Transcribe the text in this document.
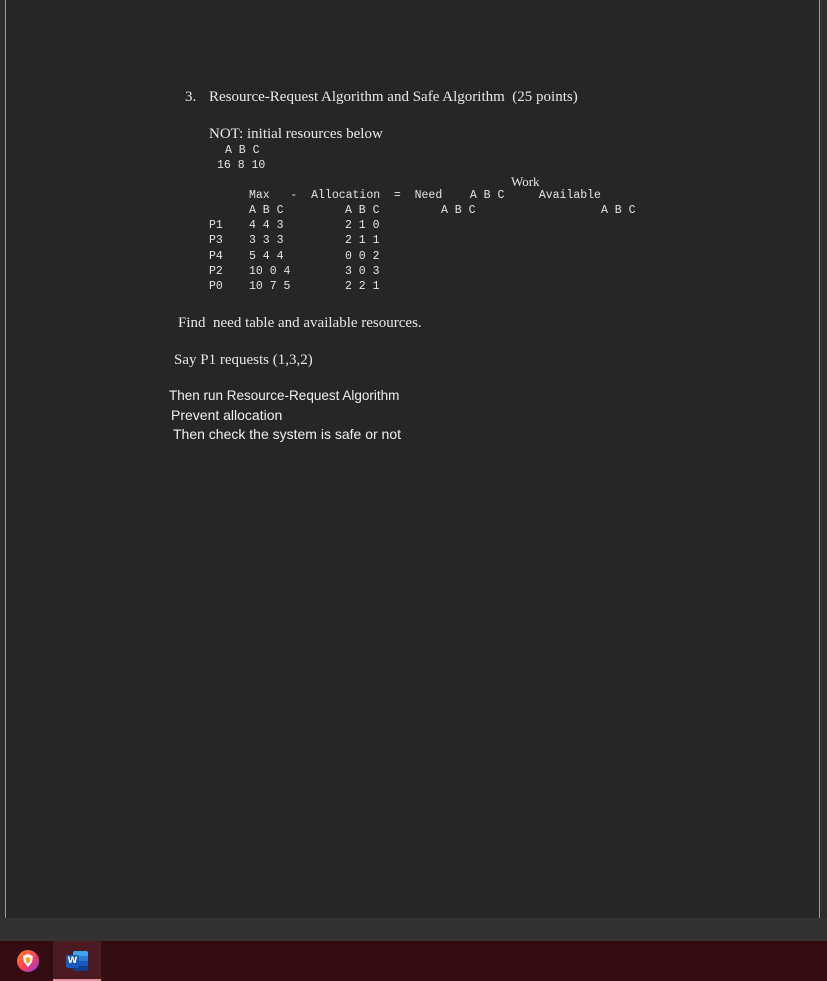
3. Resource-Request Algorithm and Safe Algorithm  (25 points)
NOT: initial resources below
A B C
16 8 10
Work
Max   -  Allocation  =  Need    A B C     Available
A B C	A B C	A B C	A B C
P1 4 4 3	2 1 0
P3 3 3 3	2 1 1
P4 5 4 4	0 0 2
P2 10 0 4	3 0 3
P0 10 7 5	2 2 1
Find  need table and available resources.
Say P1 requests (1,3,2)
Then run Resource-Request Algorithm
Prevent allocation
Then check the system is safe or not
W
